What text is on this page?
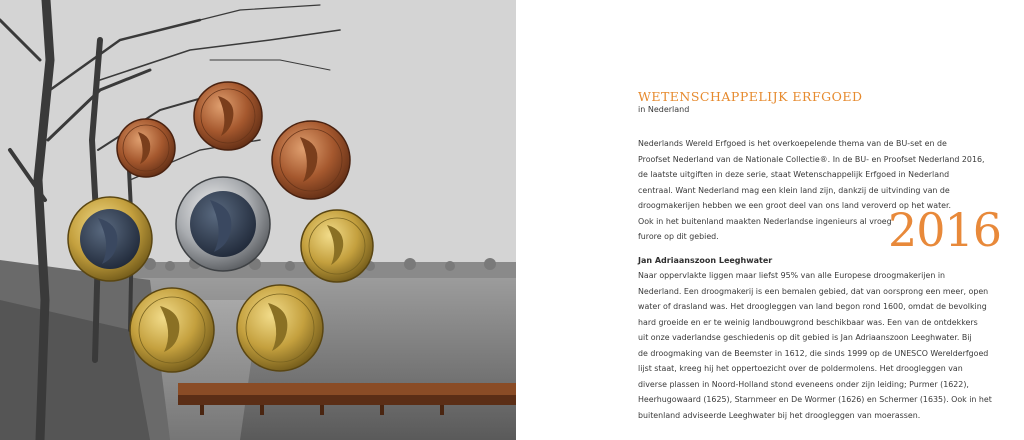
WETENSCHAPPELIJK ERFGOED
in Nederland
Nederlands Wereld Erfgoed is het overkoepelende thema van de BU-set en de
Proofset Nederland van de Nationale Collectie®. In de BU- en Proofset Nederland 2016,
de laatste uitgiften in deze serie, staat Wetenschappelijk Erfgoed in Nederland
centraal. Want Nederland mag een klein land zijn, dankzij de uitvinding van de
droogmakerijen hebben we een groot deel van ons land veroverd op het water.
Ook in het buitenland maakten Nederlandse ingenieurs al vroeg
furore op dit gebied.	2016
Jan Adriaanszoon Leeghwater
Naar oppervlakte liggen maar liefst 95% van alle Europese droogmakerijen in
Nederland. Een droogmakerij is een bemalen gebied, dat van oorsprong een meer, open
water of drasland was. Het droogleggen van land begon rond 1600, omdat de bevolking
hard groeide en er te weinig landbouwgrond beschikbaar was. Een van de ontdekkers
uit onze vaderlandse geschiedenis op dit gebied is Jan Adriaanszoon Leeghwater. Bij
de droogmaking van de Beemster in 1612, die sinds 1999 op de UNESCO Werelderfgoed
lijst staat, kreeg hij het oppertoezicht over de poldermolens. Het droogleggen van
diverse plassen in Noord-Holland stond eveneens onder zijn leiding; Purmer (1622),
Heerhugowaard (1625), Starnmeer en De Wormer (1626) en Schermer (1635). Ook in het
buitenland adviseerde Leeghwater bij het droogleggen van moerassen.
